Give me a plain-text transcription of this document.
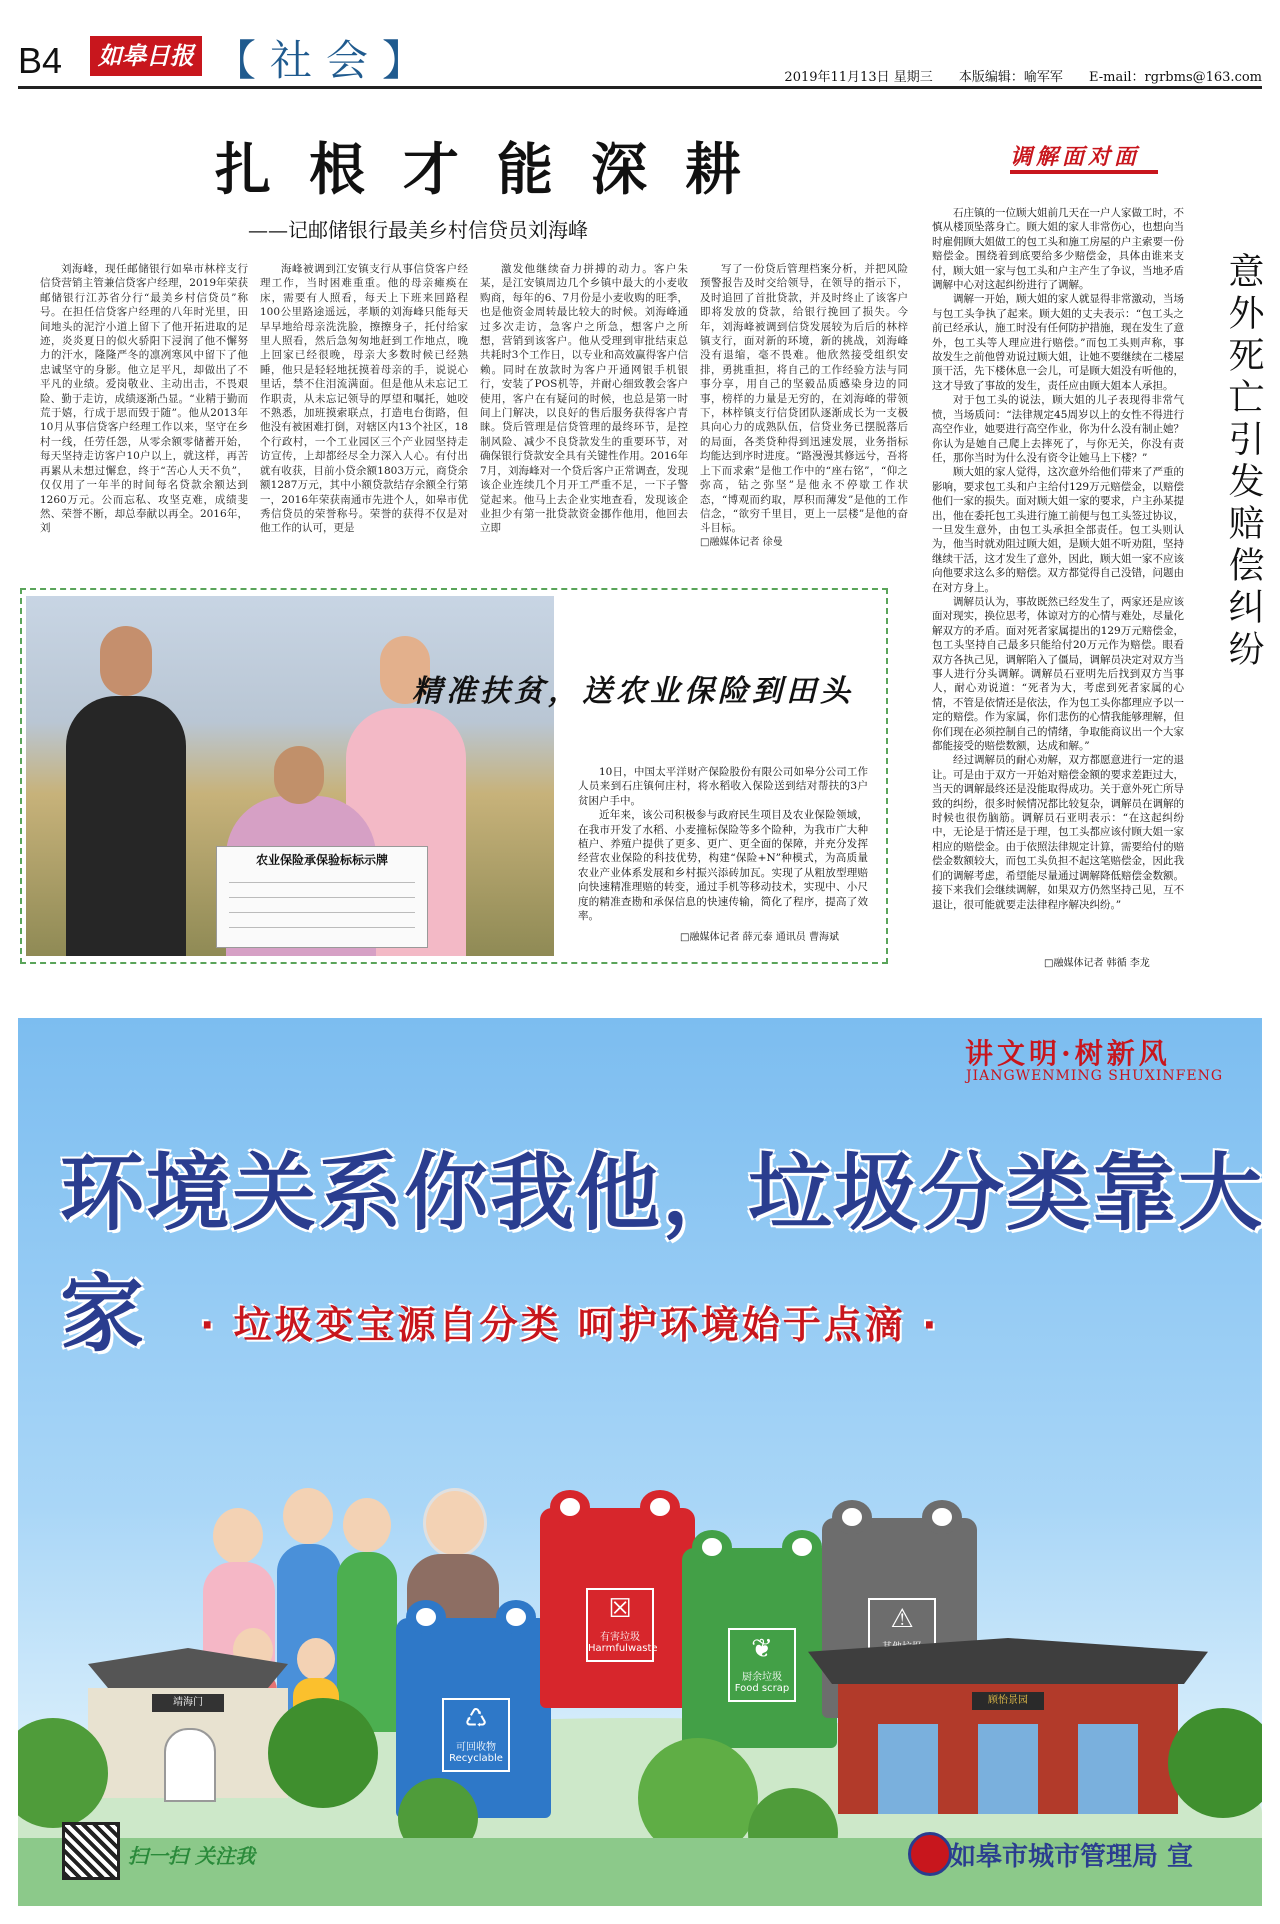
B4	如皋日报 【社会】	2019年11月13日 星期三 本版编辑：喻军军 E-mail：rgrbms@163.com
扎根才能深耕
——记邮储银行最美乡村信贷员刘海峰

刘海峰，现任邮储银行如皋市林梓支行信贷营销主管兼信贷客户经理，2019年荣获邮储银行江苏省分行“最美乡村信贷员”称号。在担任信贷客户经理的八年时光里，田间地头的泥泞小道上留下了他开拓进取的足迹，炎炎夏日的似火骄阳下浸润了他不懈努力的汗水，隆隆严冬的凛冽寒风中留下了他忠诚坚守的身影。他立足平凡，却做出了不平凡的业绩。爱岗敬业、主动出击，不畏艰险、勤于走访，成绩逐渐凸显。“业精于勤而荒于嬉，行成于思而毁于随”。他从2013年10月从事信贷客户经理工作以来，坚守在乡村一线，任劳任怨，从零余额零储蓄开始，每天坚持走访客户10户以上，就这样，再苦再累从未想过懈怠，终于“苦心人天不负”，仅仅用了一年半的时间每名贷款余额达到1260万元。公而忘私、攻坚克难，成绩斐然、荣誉不断，却总奉献以再全。2016年，刘

海峰被调到江安镇支行从事信贷客户经理工作，当时困难重重。他的母亲瘫痪在床，需要有人照看，每天上下班来回路程100公里路途遥远，孝顺的刘海峰只能每天早早地给母亲洗洗脸，擦擦身子，托付给家里人照看，然后急匆匆地赶到工作地点，晚上回家已经很晚，母亲大多数时候已经熟睡，他只是轻轻地抚摸着母亲的手，说说心里话，禁不住泪流满面。但是他从未忘记工作职责，从未忘记领导的厚望和嘱托，她咬不熟悉，加班摸索联点，打造电台街路，但他没有被困难打倒，对辖区内13个社区，18个行政村，一个工业园区三个产业园坚持走访宣传，上却都经尽全力深入人心。有付出就有收获，目前小贷余额1803万元，商贷余额1287万元，其中小额贷款结存余额全行第一，2016年荣获南通市先进个人，如皋市优秀信贷员的荣誉称号。荣誉的获得不仅是对他工作的认可，更是

激发他继续奋力拼搏的动力。客户朱某，是江安镇周边几个乡镇中最大的小麦收购商，每年的6、7月份是小麦收购的旺季，也是他资金周转最比较大的时候。刘海峰通过多次走访，急客户之所急，想客户之所想，营销到该客户。他从受理到审批结束总共耗时3个工作日，以专业和高效赢得客户信赖。同时在放款时为客户开通网银手机银行，安装了POS机等，并耐心细致教会客户使用，客户在有疑问的时候，也总是第一时间上门解决，以良好的售后服务获得客户青睐。贷后管理是信贷管理的最终环节，是控制风险、减少不良贷款发生的重要环节，对确保银行贷款安全具有关键性作用。2016年7月，刘海峰对一个贷后客户正常调查，发现该企业连续几个月开工严重不足，一下子警觉起来。他马上去企业实地查看，发现该企业担少有第一批贷款资金挪作他用，他回去立即

写了一份贷后管理档案分析，并把风险预警报告及时交给领导，在领导的指示下，及时追回了首批贷款，并及时终止了该客户即将发放的贷款，给银行挽回了损失。今年，刘海峰被调到信贷发展较为后后的林梓镇支行，面对新的环境，新的挑战，刘海峰没有退缩，毫不畏难。他欣然接受组织安排，勇挑重担，将自己的工作经验方法与同事分享，用自己的坚毅品质感染身边的同事，榜样的力量是无穷的，在刘海峰的带领下，林梓镇支行信贷团队逐渐成长为一支极具向心力的成熟队伍，信贷业务已摆脱落后的局面，各类贷种得到迅速发展，业务指标均能达到序时进度。“路漫漫其修远兮，吾将上下而求索”是他工作中的“座右铭”，“仰之弥高，钻之弥坚”是他永不停歇工作状态，“博观而约取，厚积而薄发”是他的工作信念，“欲穷千里目，更上一层楼”是他的奋斗目标。

□融媒体记者 徐曼
农业保险承保验标标示牌
精准扶贫，送农业保险到田头

10日，中国太平洋财产保险股份有限公司如皋分公司工作人员来到石庄镇何庄村，将水稻收入保险送到结对帮扶的3户贫困户手中。

近年来，该公司积极参与政府民生项目及农业保险领域，在我市开发了水稻、小麦撞标保险等多个险种，为我市广大种植户、养殖户提供了更多、更广、更全面的保障，并充分发挥经营农业保险的科技优势，构建“保险+N”种模式，为高质量农业产业体系发展和乡村振兴添砖加瓦。实现了从粗放型理赔向快速精准理赔的转变，通过手机等移动技术，实现中、小尺度的精准查勘和承保信息的快速传输，简化了程序，提高了效率。

□融媒体记者 薛元泰 通讯员 曹海斌
调解面对面

石庄镇的一位顾大姐前几天在一户人家做工时，不慎从楼顶坠落身亡。顾大姐的家人非常伤心，也想向当时雇佣顾大姐做工的包工头和施工房屋的户主索要一份赔偿金。围绕着到底要给多少赔偿金，具体由谁来支付，顾大姐一家与包工头和户主产生了争议，当地矛盾调解中心对这起纠纷进行了调解。

调解一开始，顾大姐的家人就显得非常激动，当场与包工头争执了起来。顾大姐的丈夫表示：“包工头之前已经承认，施工时没有任何防护措施，现在发生了意外，包工头等人理应进行赔偿。”而包工头则声称，事故发生之前他曾劝说过顾大姐，让她不要继续在二楼屋顶干活，先下楼休息一会儿，可是顾大姐没有听他的，这才导致了事故的发生，责任应由顾大姐本人承担。

对于包工头的说法，顾大姐的儿子表现得非常气愤，当场质问：“法律规定45周岁以上的女性不得进行高空作业，她要进行高空作业，你为什么没有制止她？你认为是她自己爬上去摔死了，与你无关，你没有责任，那你当时为什么没有资令让她马上下楼？”

顾大姐的家人觉得，这次意外给他们带来了严重的影响，要求包工头和户主给付129万元赔偿金，以赔偿他们一家的损失。面对顾大姐一家的要求，户主孙某提出，他在委托包工头进行施工前便与包工头签过协议，一旦发生意外，由包工头承担全部责任。包工头则认为，他当时就劝阻过顾大姐，是顾大姐不听劝阻，坚持继续干活，这才发生了意外，因此，顾大姐一家不应该向他要求这么多的赔偿。双方都觉得自己没错，问题由在对方身上。

调解员认为，事故既然已经发生了，两家还是应该面对现实，换位思考，体谅对方的心情与难处，尽量化解双方的矛盾。面对死者家属提出的129万元赔偿金，包工头坚持自己最多只能给付20万元作为赔偿。眼看双方各执己见，调解陷入了僵局，调解员决定对双方当事人进行分头调解。调解员石亚明先后找到双方当事人，耐心劝说道：“死者为大，考虑到死者家属的心情，不管是依情还是依法，作为包工头你都理应予以一定的赔偿。作为家属，你们悲伤的心情我能够理解，但你们现在必须控制自己的情绪，争取能商议出一个大家都能接受的赔偿数额，达成和解。”

经过调解员的耐心劝解，双方都愿意进行一定的退让。可是由于双方一开始对赔偿金额的要求差距过大，当天的调解最终还是没能取得成功。关于意外死亡所导致的纠纷，很多时候情况都比较复杂，调解员在调解的时候也很伤脑筋。调解员石亚明表示：“在这起纠纷中，无论是于情还是于理，包工头都应该付顾大姐一家相应的赔偿金。由于依照法律规定计算，需要给付的赔偿金数额较大，而包工头负担不起这笔赔偿金，因此我们的调解考虑，希望能尽量通过调解降低赔偿金数额。接下来我们会继续调解，如果双方仍然坚持己见，互不退让，很可能就要走法律程序解决纠纷。”

意外死亡引发赔偿纠纷
□融媒体记者 韩循 李龙
♺
可回收物
Recyclable
☒
有害垃圾
Harmfulwaste	❦
厨余垃圾
Food scrap
⚠
靖海门	顾怡景园
讲文明·树新风
JIANGWENMING SHUXINFENG
环境关系你我他，垃圾分类靠大家	· 垃圾变宝源自分类 呵护环境始于点滴 ·
扫一扫 关注我	如皋市城市管理局 宣
